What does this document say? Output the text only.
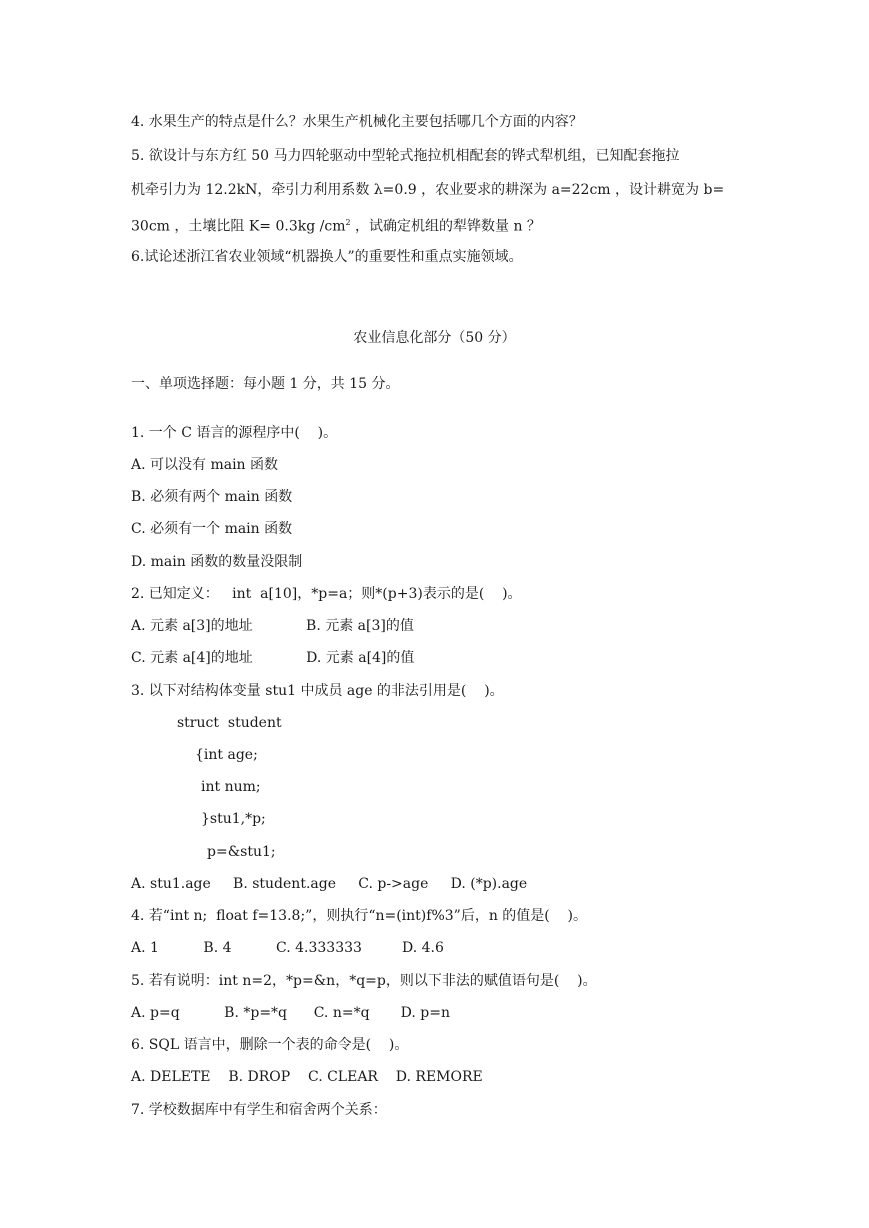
4. 水果生产的特点是什么？水果生产机械化主要包括哪几个方面的内容？
5. 欲设计与东方红 50 马力四轮驱动中型轮式拖拉机相配套的铧式犁机组，已知配套拖拉
机牵引力为 12.2kN，牵引力利用系数 λ=0.9 ，农业要求的耕深为 a=22cm ，设计耕宽为 b=
30cm ，土壤比阻 K= 0.3kg $/cm^2$ ，试确定机组的犁铧数量 n ？
6.试论述浙江省农业领域“机器换人”的重要性和重点实施领域。
农业信息化部分（50 分）
一、单项选择题：每小题 1 分，共 15 分。
1. 一个 C 语言的源程序中(    )。
A. 可以没有 main 函数
B. 必须有两个 main 函数
C. 必须有一个 main 函数
D. main 函数的数量没限制
2. 已知定义：   int  a[10]，*p=a；则*(p+3)表示的是(    )。
A. 元素 a[3]的地址            B. 元素 a[3]的值
C. 元素 a[4]的地址            D. 元素 a[4]的值
3. 以下对结构体变量 stu1 中成员 age 的非法引用是(    )。
struct  student
{int age;
int num;
}stu1,*p;
p=&stu1;
A. stu1.age     B. student.age     C. p->age     D. (*p).age
4. 若“int n;  float f=13.8;”，则执行“n=(int)f%3”后，n 的值是(    )。
A. 1          B. 4          C. 4.333333         D. 4.6
5. 若有说明：int n=2，*p=&n，*q=p，则以下非法的赋值语句是(    )。
A. p=q          B. *p=*q      C. n=*q       D. p=n
6. SQL 语言中，删除一个表的命令是(    )。
A. DELETE    B. DROP    C. CLEAR    D. REMORE
7. 学校数据库中有学生和宿舍两个关系：
